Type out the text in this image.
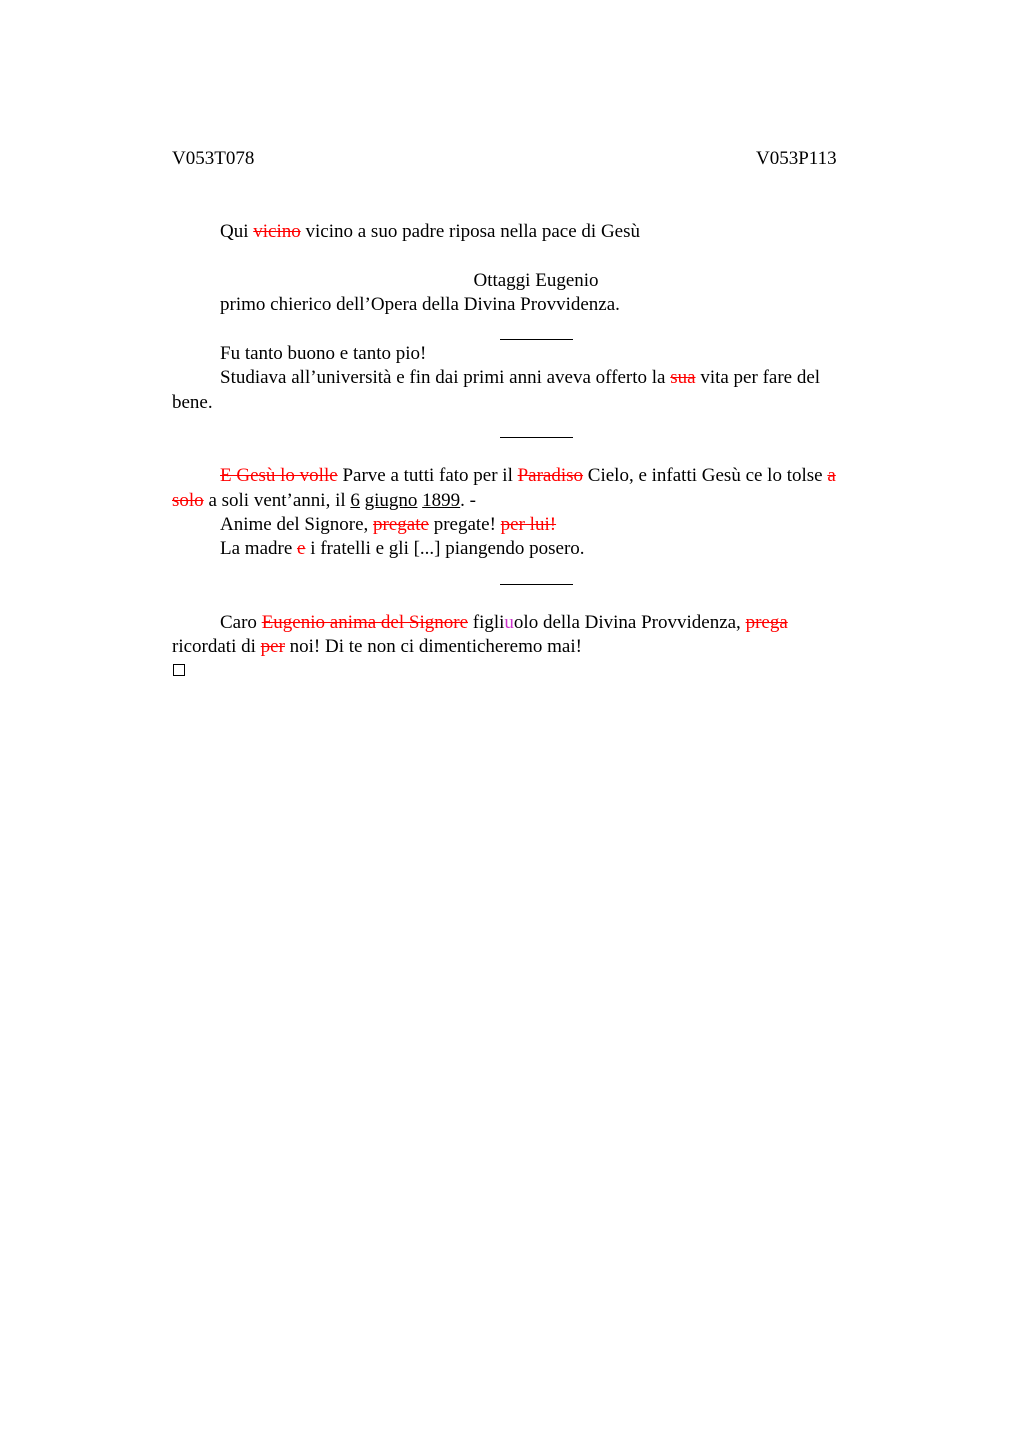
V053T078	V053P113
Qui vicino vicino a suo padre riposa nella pace di Gesù
Ottaggi Eugenio
primo chierico dell’Opera della Divina Provvidenza.
Fu tanto buono e tanto pio!
Studiava all’università e fin dai primi anni aveva offerto la sua vita per fare del
bene.
E Gesù lo volle Parve a tutti fato per il Paradiso Cielo, e infatti Gesù ce lo tolse a
solo a soli vent’anni, il 6 giugno 1899. -
Anime del Signore, pregate pregate! per lui!
La madre e i fratelli e gli [...] piangendo posero.
Caro Eugenio anima del Signore figliuolo della Divina Provvidenza, prega
ricordati di per noi! Di te non ci dimenticheremo mai!
